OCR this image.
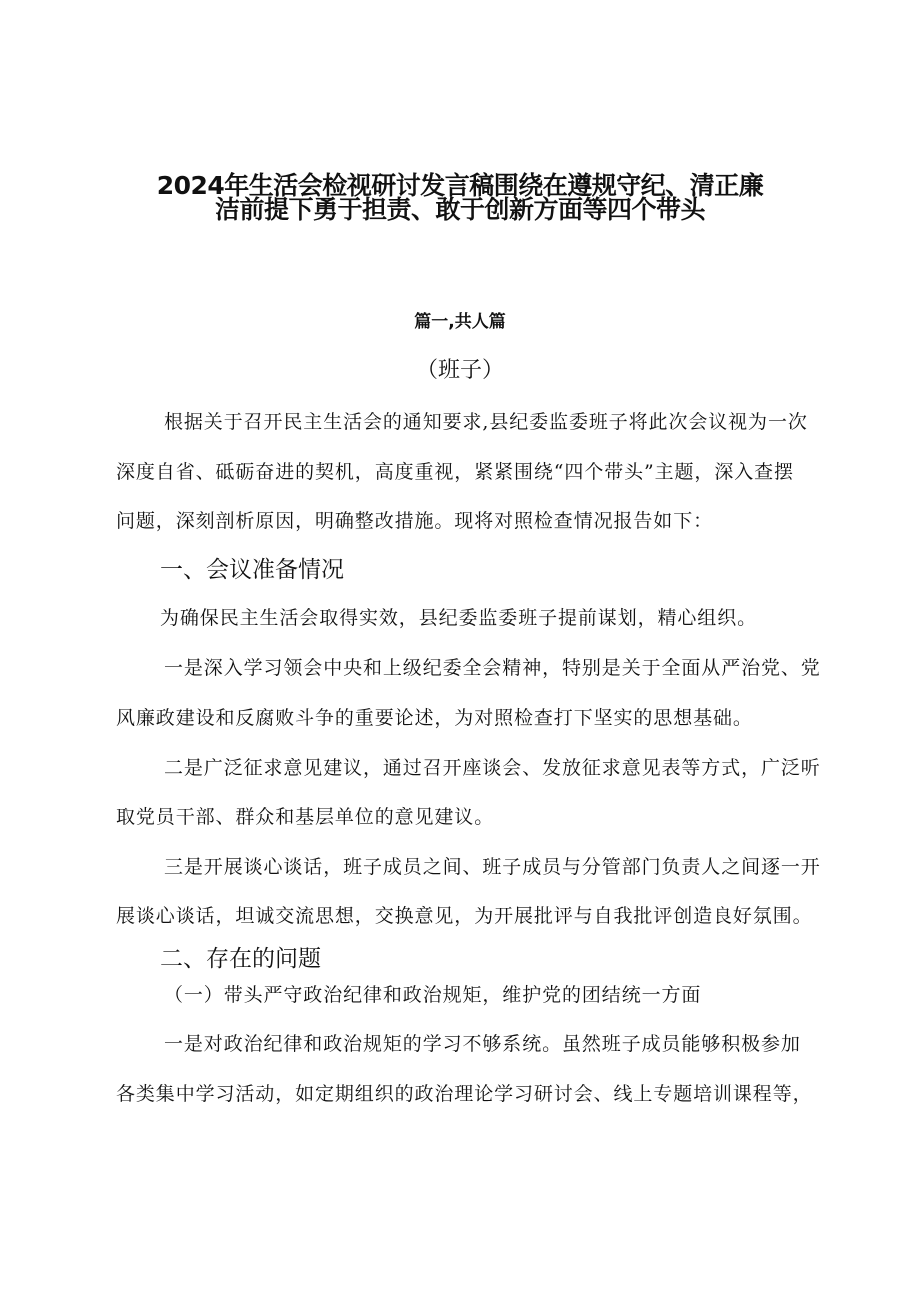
2024年生活会检视研讨发言稿围绕在遵规守纪、清正廉
洁前提下勇于担责、敢于创新方面等四个带头
篇一,共人篇
（班子）
根据关于召开民主生活会的通知要求,县纪委监委班子将此次会议视为一次
深度自省、砥砺奋进的契机，高度重视，紧紧围绕“四个带头”主题，深入查摆
问题，深刻剖析原因，明确整改措施。现将对照检查情况报告如下：
一、会议准备情况
为确保民主生活会取得实效，县纪委监委班子提前谋划，精心组织。
一是深入学习领会中央和上级纪委全会精神，特别是关于全面从严治党、党
风廉政建设和反腐败斗争的重要论述，为对照检查打下坚实的思想基础。
二是广泛征求意见建议，通过召开座谈会、发放征求意见表等方式，广泛听
取党员干部、群众和基层单位的意见建议。
三是开展谈心谈话，班子成员之间、班子成员与分管部门负责人之间逐一开
展谈心谈话，坦诚交流思想，交换意见，为开展批评与自我批评创造良好氛围。
二、存在的问题
（一）带头严守政治纪律和政治规矩，维护党的团结统一方面
一是对政治纪律和政治规矩的学习不够系统。虽然班子成员能够积极参加
各类集中学习活动，如定期组织的政治理论学习研讨会、线上专题培训课程等，
